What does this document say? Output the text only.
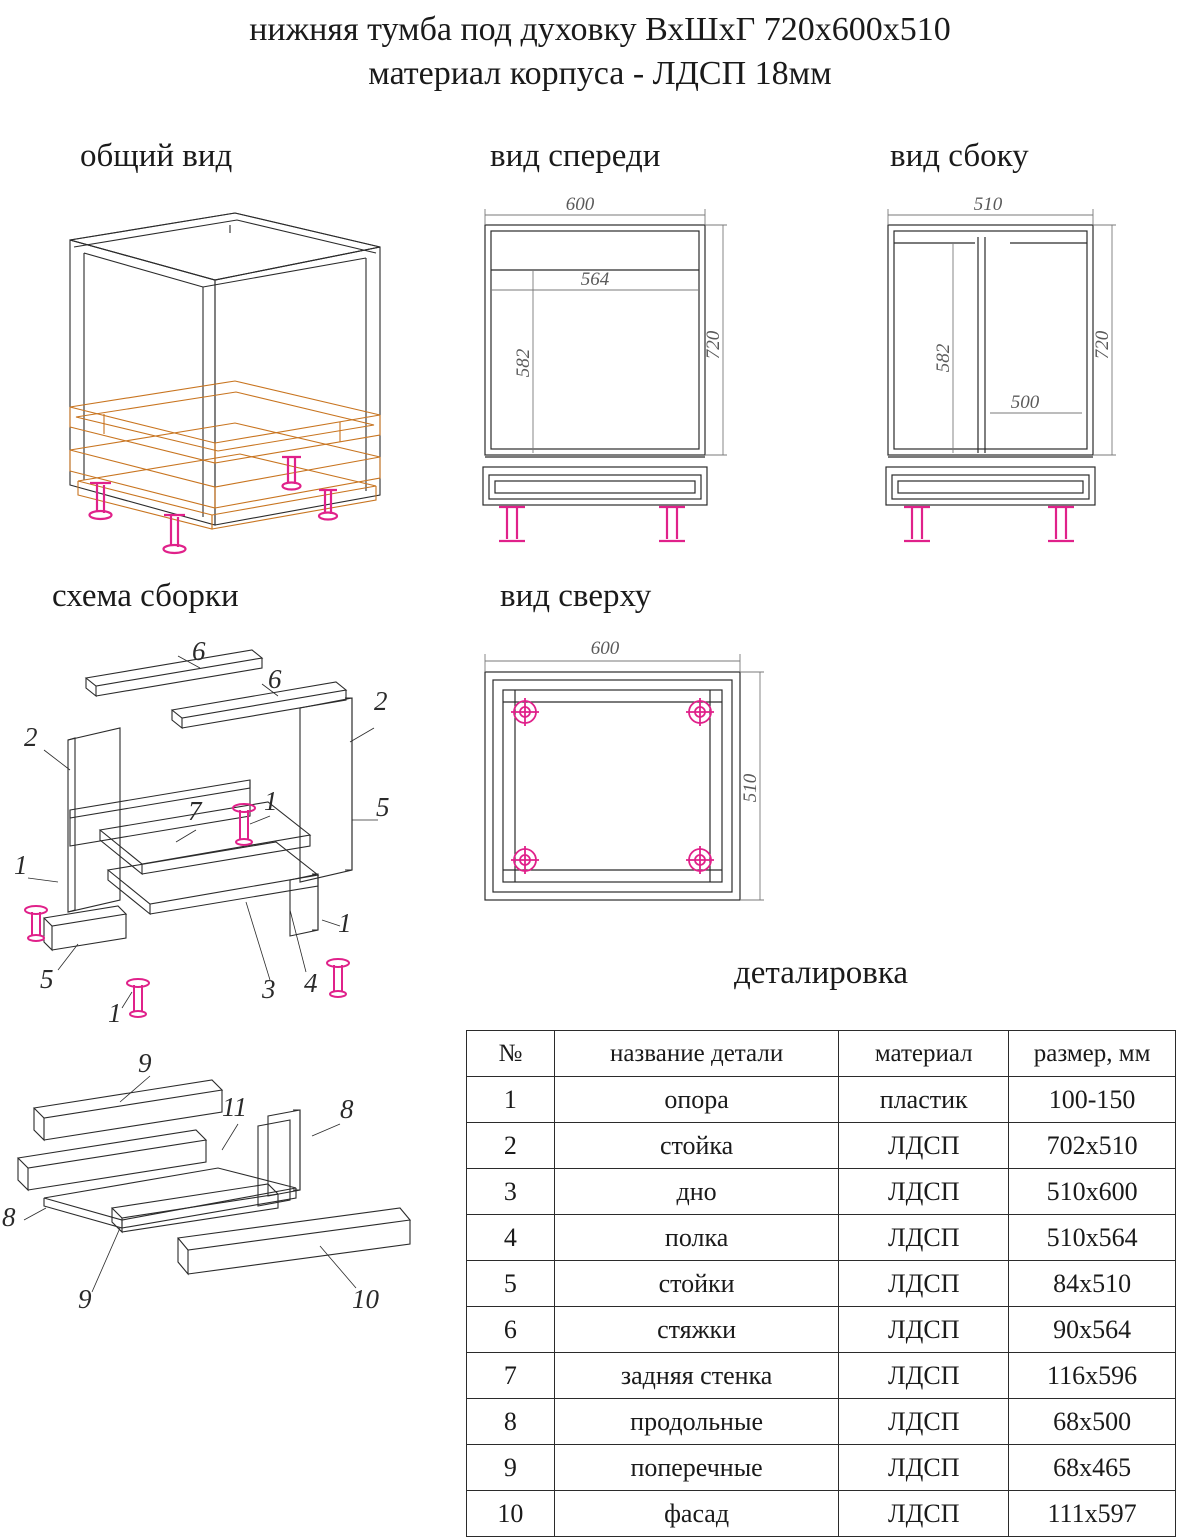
нижняя тумба под духовку ВхШхГ 720х600х510
материал корпуса - ЛДСП 18мм
общий вид	вид спереди	вид сбоку
схема сборки	вид сверху
деталировка
600
564
582
720
510
582
500
720
600
510
6
6
2
2
5
1
7
1
1
5	3 4
1
9
9
11	8
8
10
№	название детали	материал	размер, мм
1	опора	пластик	100-150
2	стойка	ЛДСП	702х510
3	дно	ЛДСП	510х600
4	полка	ЛДСП	510х564
5	стойки	ЛДСП	84х510
6	стяжки	ЛДСП	90х564
7	задняя стенка	ЛДСП	116х596
8	продольные	ЛДСП	68х500
9	поперечные	ЛДСП	68х465
10	фасад	ЛДСП	111х597
